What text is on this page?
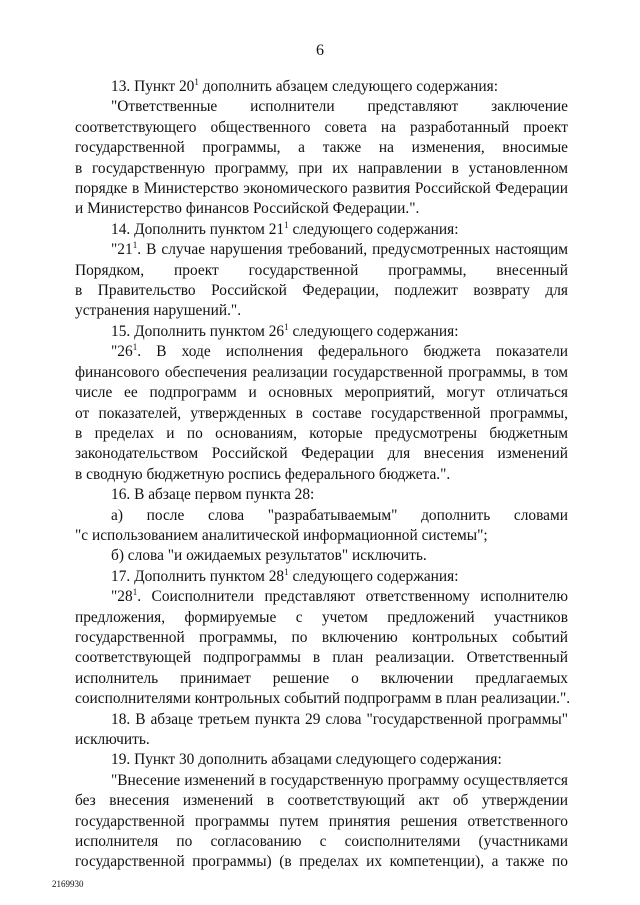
6
13. Пункт $20^1$ дополнить абзацем следующего содержания:
"Ответственные исполнители представляют заключение
соответствующего общественного совета на разработанный проект
государственной программы, а также на изменения, вносимые
в государственную программу, при их направлении в установленном
порядке в Министерство экономического развития Российской Федерации
и Министерство финансов Российской Федерации.".
14. Дополнить пунктом $21^1$ следующего содержания:
"$21^1$. В случае нарушения требований, предусмотренных настоящим
Порядком, проект государственной программы, внесенный
в Правительство Российской Федерации, подлежит возврату для
устранения нарушений.".
15. Дополнить пунктом $26^1$ следующего содержания:
"$26^1$. В ходе исполнения федерального бюджета показатели
финансового обеспечения реализации государственной программы, в том
числе ее подпрограмм и основных мероприятий, могут отличаться
от показателей, утвержденных в составе государственной программы,
в пределах и по основаниям, которые предусмотрены бюджетным
законодательством Российской Федерации для внесения изменений
в сводную бюджетную роспись федерального бюджета.".
16. В абзаце первом пункта 28:
а) после слова "разрабатываемым" дополнить словами
"с использованием аналитической информационной системы";
б) слова "и ожидаемых результатов" исключить.
17. Дополнить пунктом $28^1$ следующего содержания:
"$28^1$. Соисполнители представляют ответственному исполнителю
предложения, формируемые с учетом предложений участников
государственной программы, по включению контрольных событий
соответствующей подпрограммы в план реализации. Ответственный
исполнитель принимает решение о включении предлагаемых
соисполнителями контрольных событий подпрограмм в план реализации.".
18. В абзаце третьем пункта 29 слова "государственной программы"
исключить.
19. Пункт 30 дополнить абзацами следующего содержания:
"Внесение изменений в государственную программу осуществляется
без внесения изменений в соответствующий акт об утверждении
государственной программы путем принятия решения ответственного
исполнителя по согласованию с соисполнителями (участниками
государственной программы) (в пределах их компетенции), а также по
2169930
